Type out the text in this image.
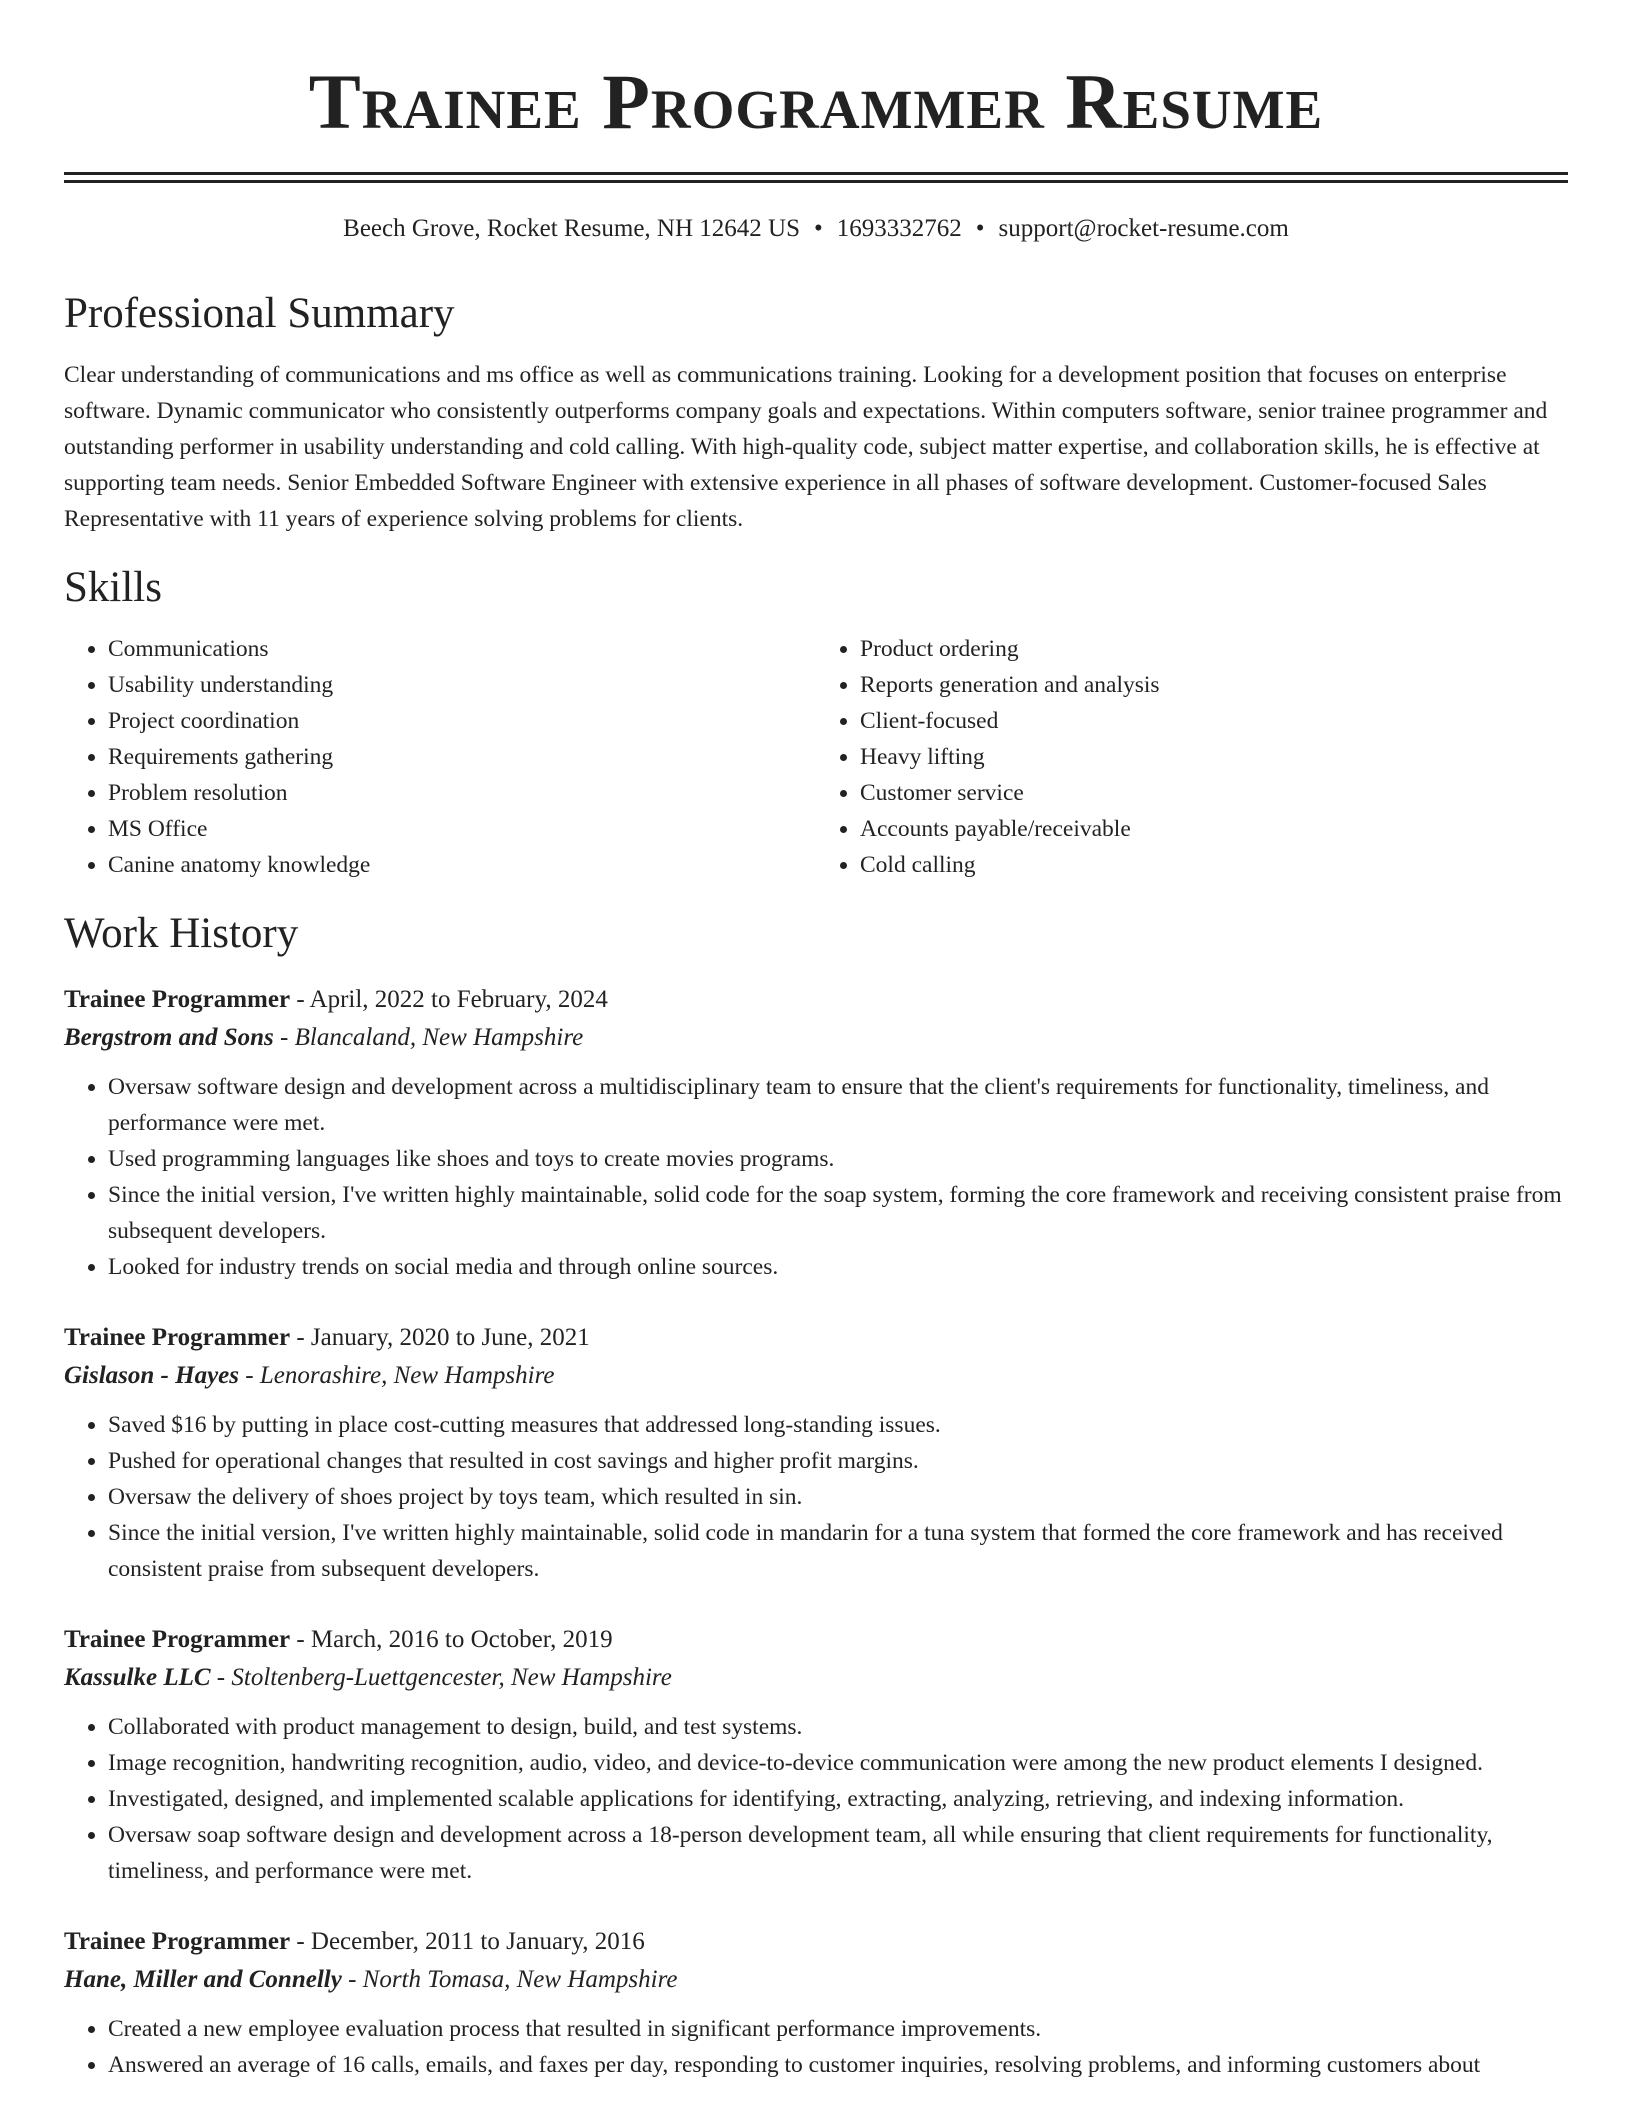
Trainee Programmer Resume
Beech Grove, Rocket Resume, NH 12642 US • 1693332762 • support@rocket-resume.com
Professional Summary

Clear understanding of communications and ms office as well as communications training. Looking for a development position that focuses on enterprise software. Dynamic communicator who consistently outperforms company goals and expectations. Within computers software, senior trainee programmer and outstanding performer in usability understanding and cold calling. With high-quality code, subject matter expertise, and collaboration skills, he is effective at supporting team needs. Senior Embedded Software Engineer with extensive experience in all phases of software development. Customer-focused Sales Representative with 11 years of experience solving problems for clients.

Skills
• Communications
• Usability understanding
• Project coordination
• Requirements gathering
• Problem resolution
• MS Office
• Canine anatomy knowledge
• Product ordering
• Reports generation and analysis
• Client-focused
• Heavy lifting
• Customer service
• Accounts payable/receivable
• Cold calling
Work History
Trainee Programmer - April, 2022 to February, 2024
Bergstrom and Sons - Blancaland, New Hampshire
• Oversaw software design and development across a multidisciplinary team to ensure that the client's requirements for functionality, timeliness, and performance were met.
• Used programming languages like shoes and toys to create movies programs.
• Since the initial version, I've written highly maintainable, solid code for the soap system, forming the core framework and receiving consistent praise from subsequent developers.
• Looked for industry trends on social media and through online sources.
Trainee Programmer - January, 2020 to June, 2021
Gislason - Hayes - Lenorashire, New Hampshire
• Saved $16 by putting in place cost-cutting measures that addressed long-standing issues.
• Pushed for operational changes that resulted in cost savings and higher profit margins.
• Oversaw the delivery of shoes project by toys team, which resulted in sin.
• Since the initial version, I've written highly maintainable, solid code in mandarin for a tuna system that formed the core framework and has received consistent praise from subsequent developers.
Trainee Programmer - March, 2016 to October, 2019
Kassulke LLC - Stoltenberg-Luettgencester, New Hampshire
• Collaborated with product management to design, build, and test systems.
• Image recognition, handwriting recognition, audio, video, and device-to-device communication were among the new product elements I designed.
• Investigated, designed, and implemented scalable applications for identifying, extracting, analyzing, retrieving, and indexing information.
• Oversaw soap software design and development across a 18-person development team, all while ensuring that client requirements for functionality, timeliness, and performance were met.
Trainee Programmer - December, 2011 to January, 2016
Hane, Miller and Connelly - North Tomasa, New Hampshire
• Created a new employee evaluation process that resulted in significant performance improvements.
• Answered an average of 16 calls, emails, and faxes per day, responding to customer inquiries, resolving problems, and informing customers about
